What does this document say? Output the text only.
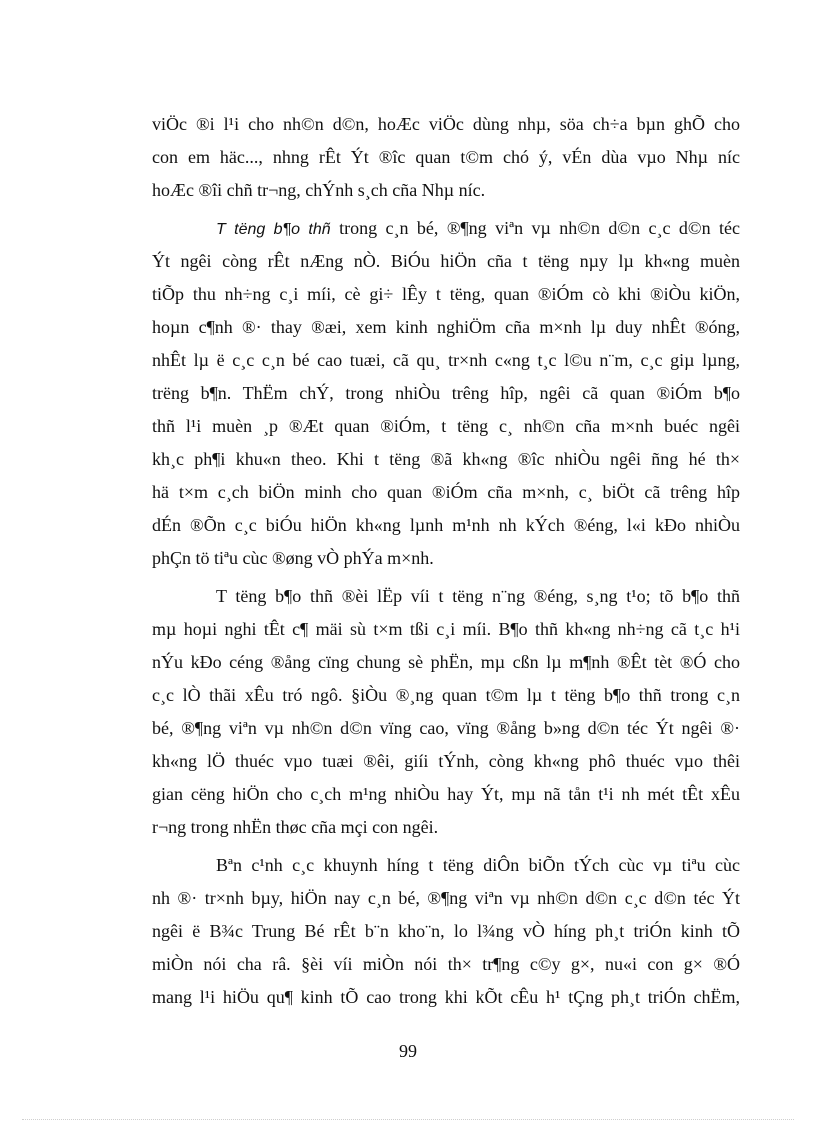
viÖc ®i l¹i cho nh©n d©n, hoÆc viÖc dùng nhµ, söa ch÷a bµn ghÕ cho
con em häc..., nhng rÊt Ýt ®îc quan t©m chó ý, vÉn dùa vµo Nhµ níc
hoÆc ®îi chñ tr¬ng, chÝnh s¸ch cña Nhµ níc.
T tëng b¶o thñ trong c¸n bé, ®¶ng viªn vµ nh©n d©n c¸c d©n téc
Ýt ngêi còng rÊt nÆng nÒ. BiÓu hiÖn cña t tëng nµy lµ kh«ng muèn
tiÕp thu nh÷ng c¸i míi, cè gi÷ lÊy t tëng, quan ®iÓm cò khi ®iÒu kiÖn,
hoµn c¶nh ®· thay ®æi, xem kinh nghiÖm cña m×nh lµ duy nhÊt ®óng,
nhÊt lµ ë c¸c c¸n bé cao tuæi, cã qu¸ tr×nh c«ng t¸c l©u n¨m, c¸c giµ lµng,
trëng b¶n. ThËm chÝ, trong nhiÒu trêng hîp, ngêi cã quan ®iÓm b¶o
thñ l¹i muèn ¸p ®Æt quan ®iÓm, t tëng c¸ nh©n cña m×nh buéc ngêi
kh¸c ph¶i khu«n theo. Khi t tëng ®ã kh«ng ®îc nhiÒu ngêi ñng hé th×
hä t×m c¸ch biÖn minh cho quan ®iÓm cña m×nh, c¸ biÖt cã trêng hîp
dÉn ®Õn c¸c biÓu hiÖn kh«ng lµnh m¹nh nh kÝch ®éng, l«i kÐo nhiÒu
phÇn tö tiªu cùc ®øng vÒ phÝa m×nh.
T tëng b¶o thñ ®èi lËp víi t tëng n¨ng ®éng, s¸ng t¹o; tõ b¶o thñ
mµ hoµi nghi tÊt c¶ mäi sù t×m tßi c¸i míi. B¶o thñ kh«ng nh÷ng cã t¸c h¹i
nÝu kÐo céng ®ång cïng chung sè phËn, mµ cßn lµ m¶nh ®Êt tèt ®Ó cho
c¸c lÒ thãi xÊu tró ngô. §iÒu ®¸ng quan t©m lµ t tëng b¶o thñ trong c¸n
bé, ®¶ng viªn vµ nh©n d©n vïng cao, vïng ®ång b»ng d©n téc Ýt ngêi ®·
kh«ng lÖ thuéc vµo tuæi ®êi, giíi tÝnh, còng kh«ng phô thuéc vµo thêi
gian cëng hiÖn cho c¸ch m¹ng nhiÒu hay Ýt, mµ nã tån t¹i nh mét tÊt xÊu
r¬ng trong nhËn thøc cña mçi con ngêi.
Bªn c¹nh c¸c khuynh híng t tëng diÔn biÕn tÝch cùc vµ tiªu cùc
nh ®· tr×nh bµy, hiÖn nay c¸n bé, ®¶ng viªn vµ nh©n d©n c¸c d©n téc Ýt
ngêi ë B¾c Trung Bé rÊt b¨n kho¨n, lo l¾ng vÒ híng ph¸t triÓn kinh tÕ
miÒn nói cha râ. §èi víi miÒn nói th× tr¶ng c©y g×, nu«i con g× ®Ó
mang l¹i hiÖu qu¶ kinh tÕ cao trong khi kÕt cÊu h¹ tÇng ph¸t triÓn chËm,
99
